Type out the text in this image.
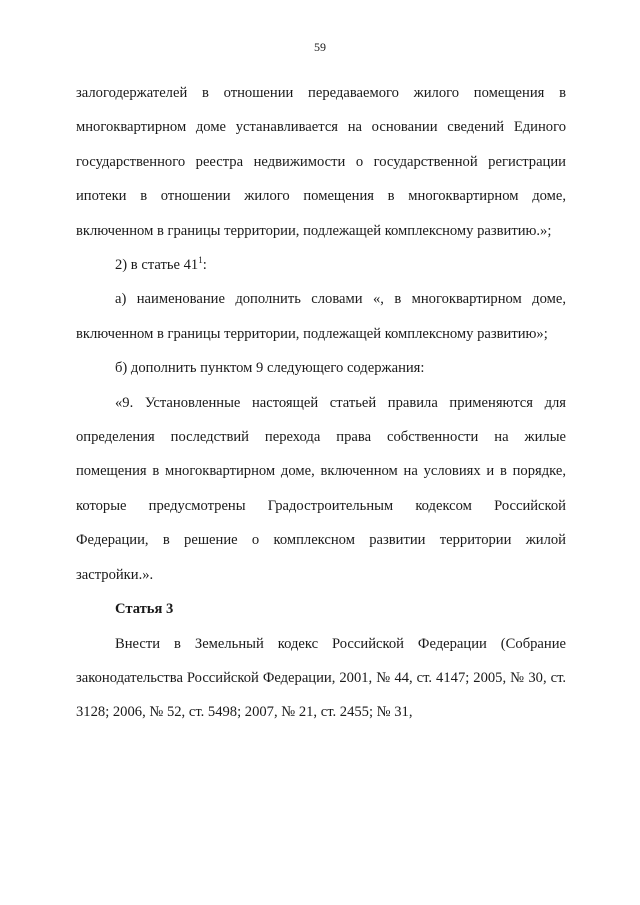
59

залогодержателей в отношении передаваемого жилого помещения в многоквартирном доме устанавливается на основании сведений Единого государственного реестра недвижимости о государственной регистрации ипотеки в отношении жилого помещения в многоквартирном доме, включенном в границы территории, подлежащей комплексному развитию.»;

2) в статье $41^1$:

а) наименование дополнить словами «, в многоквартирном доме, включенном в границы территории, подлежащей комплексному развитию»;

б) дополнить пунктом 9 следующего содержания:

«9. Установленные настоящей статьей правила применяются для определения последствий перехода права собственности на жилые помещения в многоквартирном доме, включенном на условиях и в порядке, которые предусмотрены Градостроительным кодексом Российской Федерации, в решение о комплексном развитии территории жилой застройки.».

Статья 3

Внести в Земельный кодекс Российской Федерации (Собрание законодательства Российской Федерации, 2001, № 44, ст. 4147; 2005, № 30, ст. 3128; 2006, № 52, ст. 5498; 2007, № 21, ст. 2455; № 31,
